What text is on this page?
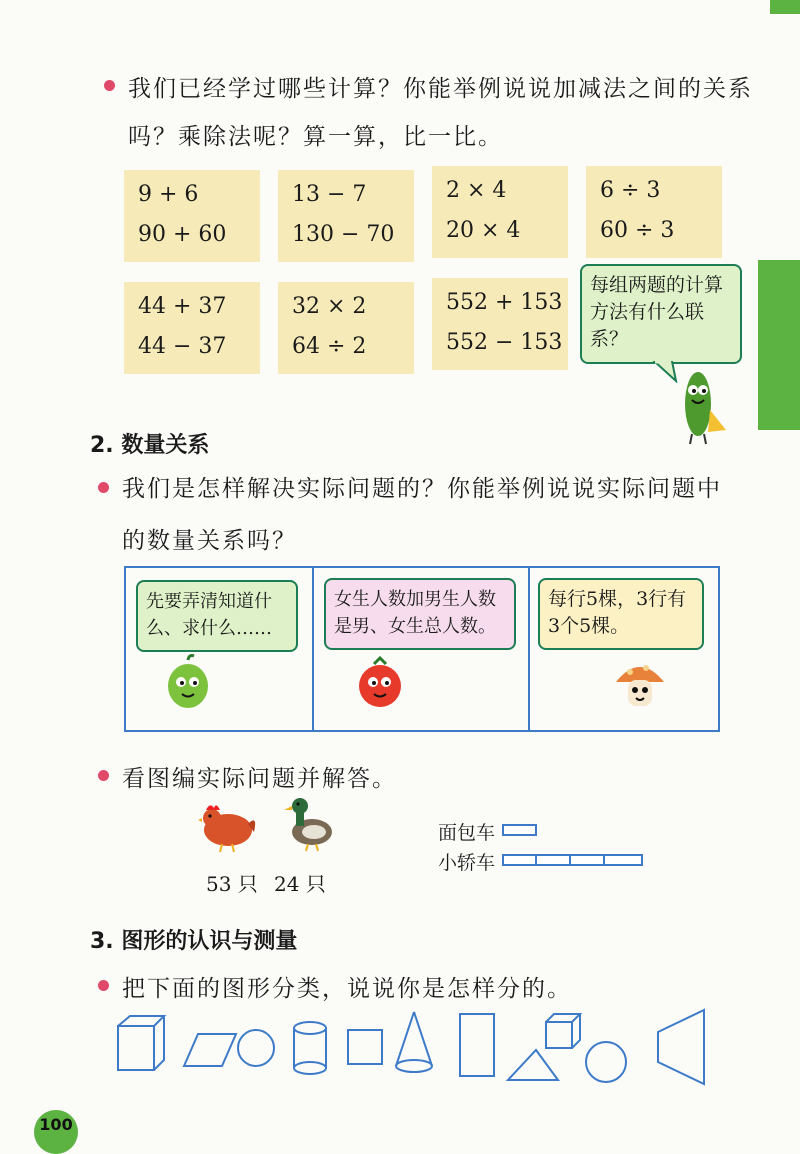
我们已经学过哪些计算？你能举例说说加减法之间的关系
吗？乘除法呢？算一算，比一比。
9 + 6
90 + 60
13 − 7
130 − 70
2 × 4
20 × 4
6 ÷ 3
60 ÷ 3
44 + 37
44 − 37
32 × 2
64 ÷ 2
552 + 153
552 − 153
每组两题的计算方法有什么联系？
2. 数量关系
我们是怎样解决实际问题的？你能举例说说实际问题中
的数量关系吗？
先要弄清知道什么、求什么……
女生人数加男生人数是男、女生总人数。
每行5棵，3行有3个5棵。
看图编实际问题并解答。
53 只 24 只
面包车
小轿车
3. 图形的认识与测量
把下面的图形分类，说说你是怎样分的。
100
